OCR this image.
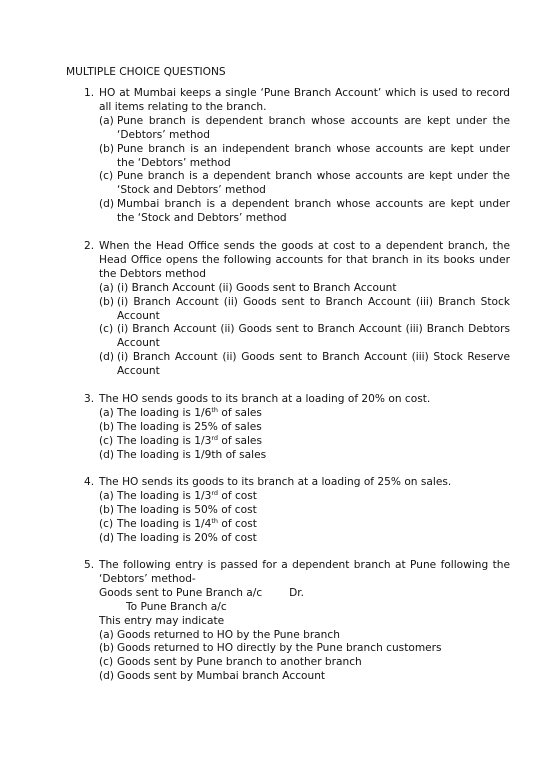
MULTIPLE CHOICE QUESTIONS
1. HO at Mumbai keeps a single ‘Pune Branch Account’ which is used to record all items relating to the branch.
(a) Pune branch is dependent branch whose accounts are kept under the ‘Debtors’ method
(b) Pune branch is an independent branch whose accounts are kept under the ‘Debtors’ method
(c) Pune branch is a dependent branch whose accounts are kept under the ‘Stock and Debtors’ method
(d) Mumbai branch is a dependent branch whose accounts are kept under the ‘Stock and Debtors’ method
2. When the Head Office sends the goods at cost to a dependent branch, the Head Office opens the following accounts for that branch in its books under the Debtors method
(a) (i) Branch Account (ii) Goods sent to Branch Account
(b) (i) Branch Account (ii) Goods sent to Branch Account (iii) Branch Stock Account
(c) (i) Branch Account (ii) Goods sent to Branch Account (iii) Branch Debtors Account
(d) (i) Branch Account (ii) Goods sent to Branch Account (iii) Stock Reserve Account
3. The HO sends goods to its branch at a loading of 20% on cost.
(a) The loading is 1/6th of sales
(b) The loading is 25% of sales
(c) The loading is 1/3rd of sales
(d) The loading is 1/9th of sales
4. The HO sends its goods to its branch at a loading of 25% on sales.
(a) The loading is 1/3rd of cost
(b) The loading is 50% of cost
(c) The loading is 1/4th of cost
(d) The loading is 20% of cost
5. The following entry is passed for a dependent branch at Pune following the ‘Debtors’ method-
Goods sent to Pune Branch a/c        Dr.
To Pune Branch a/c
This entry may indicate
(a) Goods returned to HO by the Pune branch
(b) Goods returned to HO directly by the Pune branch customers
(c) Goods sent by Pune branch to another branch
(d) Goods sent by Mumbai branch Account
